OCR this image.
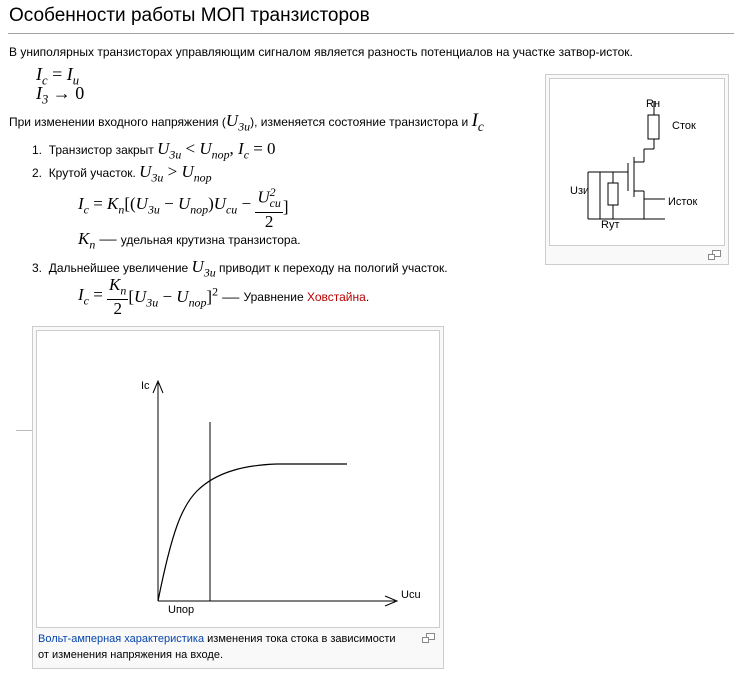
Особенности работы МОП транзисторов
В униполярных транзисторах управляющим сигналом является разность потенциалов на участке затвор-исток.
$I_c = I_и$
$I_3 \to 0$
При изменении входного напряжения $(U_{3и})$, изменяется состояние транзистора и $I_c$
1. Транзистор закрыт $U_{3и} < U_{пор}$, $I_c = 0$
2. Крутой участок. $U_{3и} > U_{пор}$
$I_c = K_n[(U_{3и} - U_{пор})U_{си} - \frac{U^2_{си}}{2}$ ]
$K_n$ — удельная крутизна транзистора.
3. Дальнейшее увеличение $U_{3и}$ приводит к переходу на пологий участок.
$I_c = \frac{K_n}{2} [U_{3и} - U_{пор}]^2$ — Уравнение Ховстайна.
Rн
Сток
Uзи
Исток
Rут
Ic
Ucu
Uпор
Вольт-амперная характеристика изменения тока стока в зависимости
от изменения напряжения на входе.
